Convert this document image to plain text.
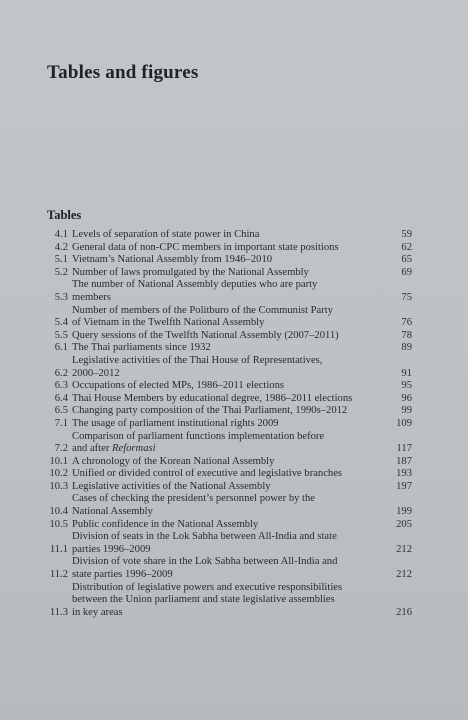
Tables and figures
Tables
4.1 Levels of separation of state power in China	59
4.2 General data of non-CPC members in important state positions	62
5.1 Vietnam’s National Assembly from 1946–2010	65
5.2 Number of laws promulgated by the National Assembly	69
5.3
The number of National Assembly deputies who are party
members	75
5.4
Number of members of the Politburo of the Communist Party
of Vietnam in the Twelfth National Assembly	76
5.5 Query sessions of the Twelfth National Assembly (2007–2011)	78
6.1 The Thai parliaments since 1932	89
6.2
Legislative activities of the Thai House of Representatives,
2000–2012	91
6.3 Occupations of elected MPs, 1986–2011 elections	95
6.4 Thai House Members by educational degree, 1986–2011 elections	96
6.5 Changing party composition of the Thai Parliament, 1990s–2012	99
7.1 The usage of parliament institutional rights 2009	109
7.2
Comparison of parliament functions implementation before
and after Reformasi	117
10.1 A chronology of the Korean National Assembly	187
10.2 Unified or divided control of executive and legislative branches	193
10.3 Legislative activities of the National Assembly	197
10.4
Cases of checking the president’s personnel power by the
National Assembly	199
10.5 Public confidence in the National Assembly	205
11.1
Division of seats in the Lok Sabha between All-India and state
parties 1996–2009	212
11.2
Division of vote share in the Lok Sabha between All-India and
state parties 1996–2009	212
11.3
Distribution of legislative powers and executive responsibilities
between the Union parliament and state legislative assemblies
in key areas	216
